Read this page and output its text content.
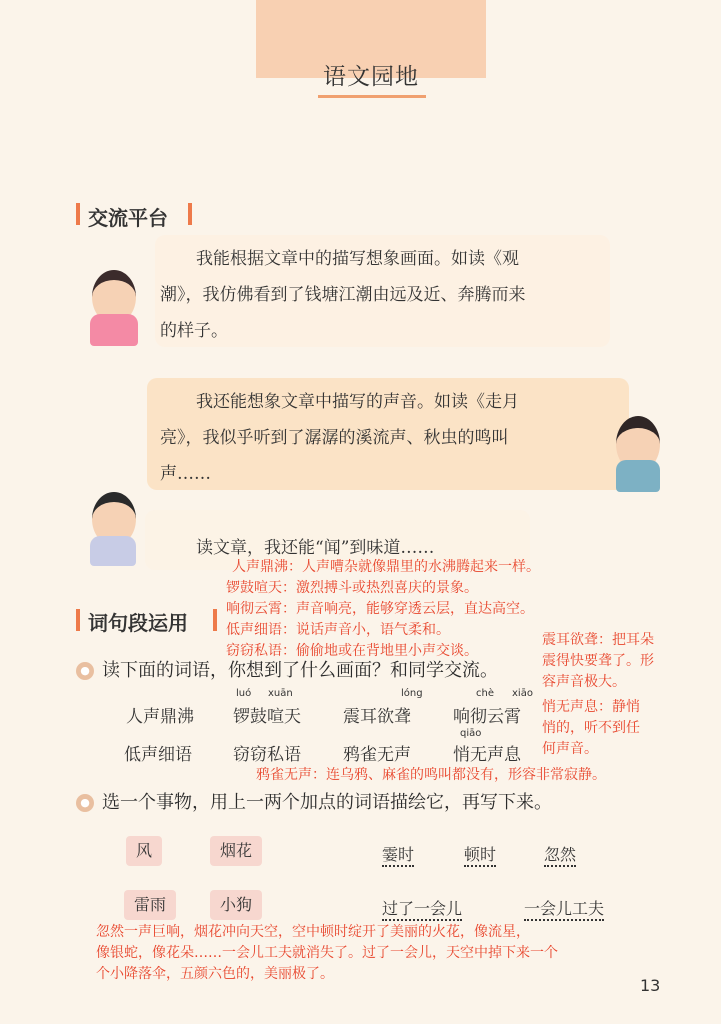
语文园地
交流平台
我能根据文章中的描写想象画面。如读《观
潮》，我仿佛看到了钱塘江潮由远及近、奔腾而来
的样子。
我还能想象文章中描写的声音。如读《走月
亮》，我似乎听到了潺潺的溪流声、秋虫的鸣叫
声……
读文章，我还能“闻”到味道……
人声鼎沸：人声嘈杂就像鼎里的水沸腾起来一样。
锣鼓喧天：激烈搏斗或热烈喜庆的景象。
响彻云霄：声音响亮，能够穿透云层，直达高空。
低声细语：说话声音小，语气柔和。
窃窃私语：偷偷地或在背地里小声交谈。
震耳欲聋：把耳朵
震得快要聋了。形
容声音极大。
悄无声息：静悄
悄的，听不到任
何声音。
鸦雀无声：连乌鸦、麻雀的鸣叫都没有，形容非常寂静。
词句段运用
● 读下面的词语，你想到了什么画面？和同学交流。
luó xuān	lóng	chè xiāo
人声鼎沸 锣鼓喧天 震耳欲聋 响彻云霄
qiāo
低声细语 窃窃私语 鸦雀无声 悄无声息
● 选一个事物，用上一两个加点的词语描绘它，再写下来。
风	烟花
雷雨	小狗
霎时	顿时	忽然
过了一会儿	一会儿工夫
忽然一声巨响，烟花冲向天空，空中顿时绽开了美丽的火花，像流星，
像银蛇，像花朵……一会儿工夫就消失了。过了一会儿，天空中掉下来一个
个小降落伞，五颜六色的，美丽极了。
13
